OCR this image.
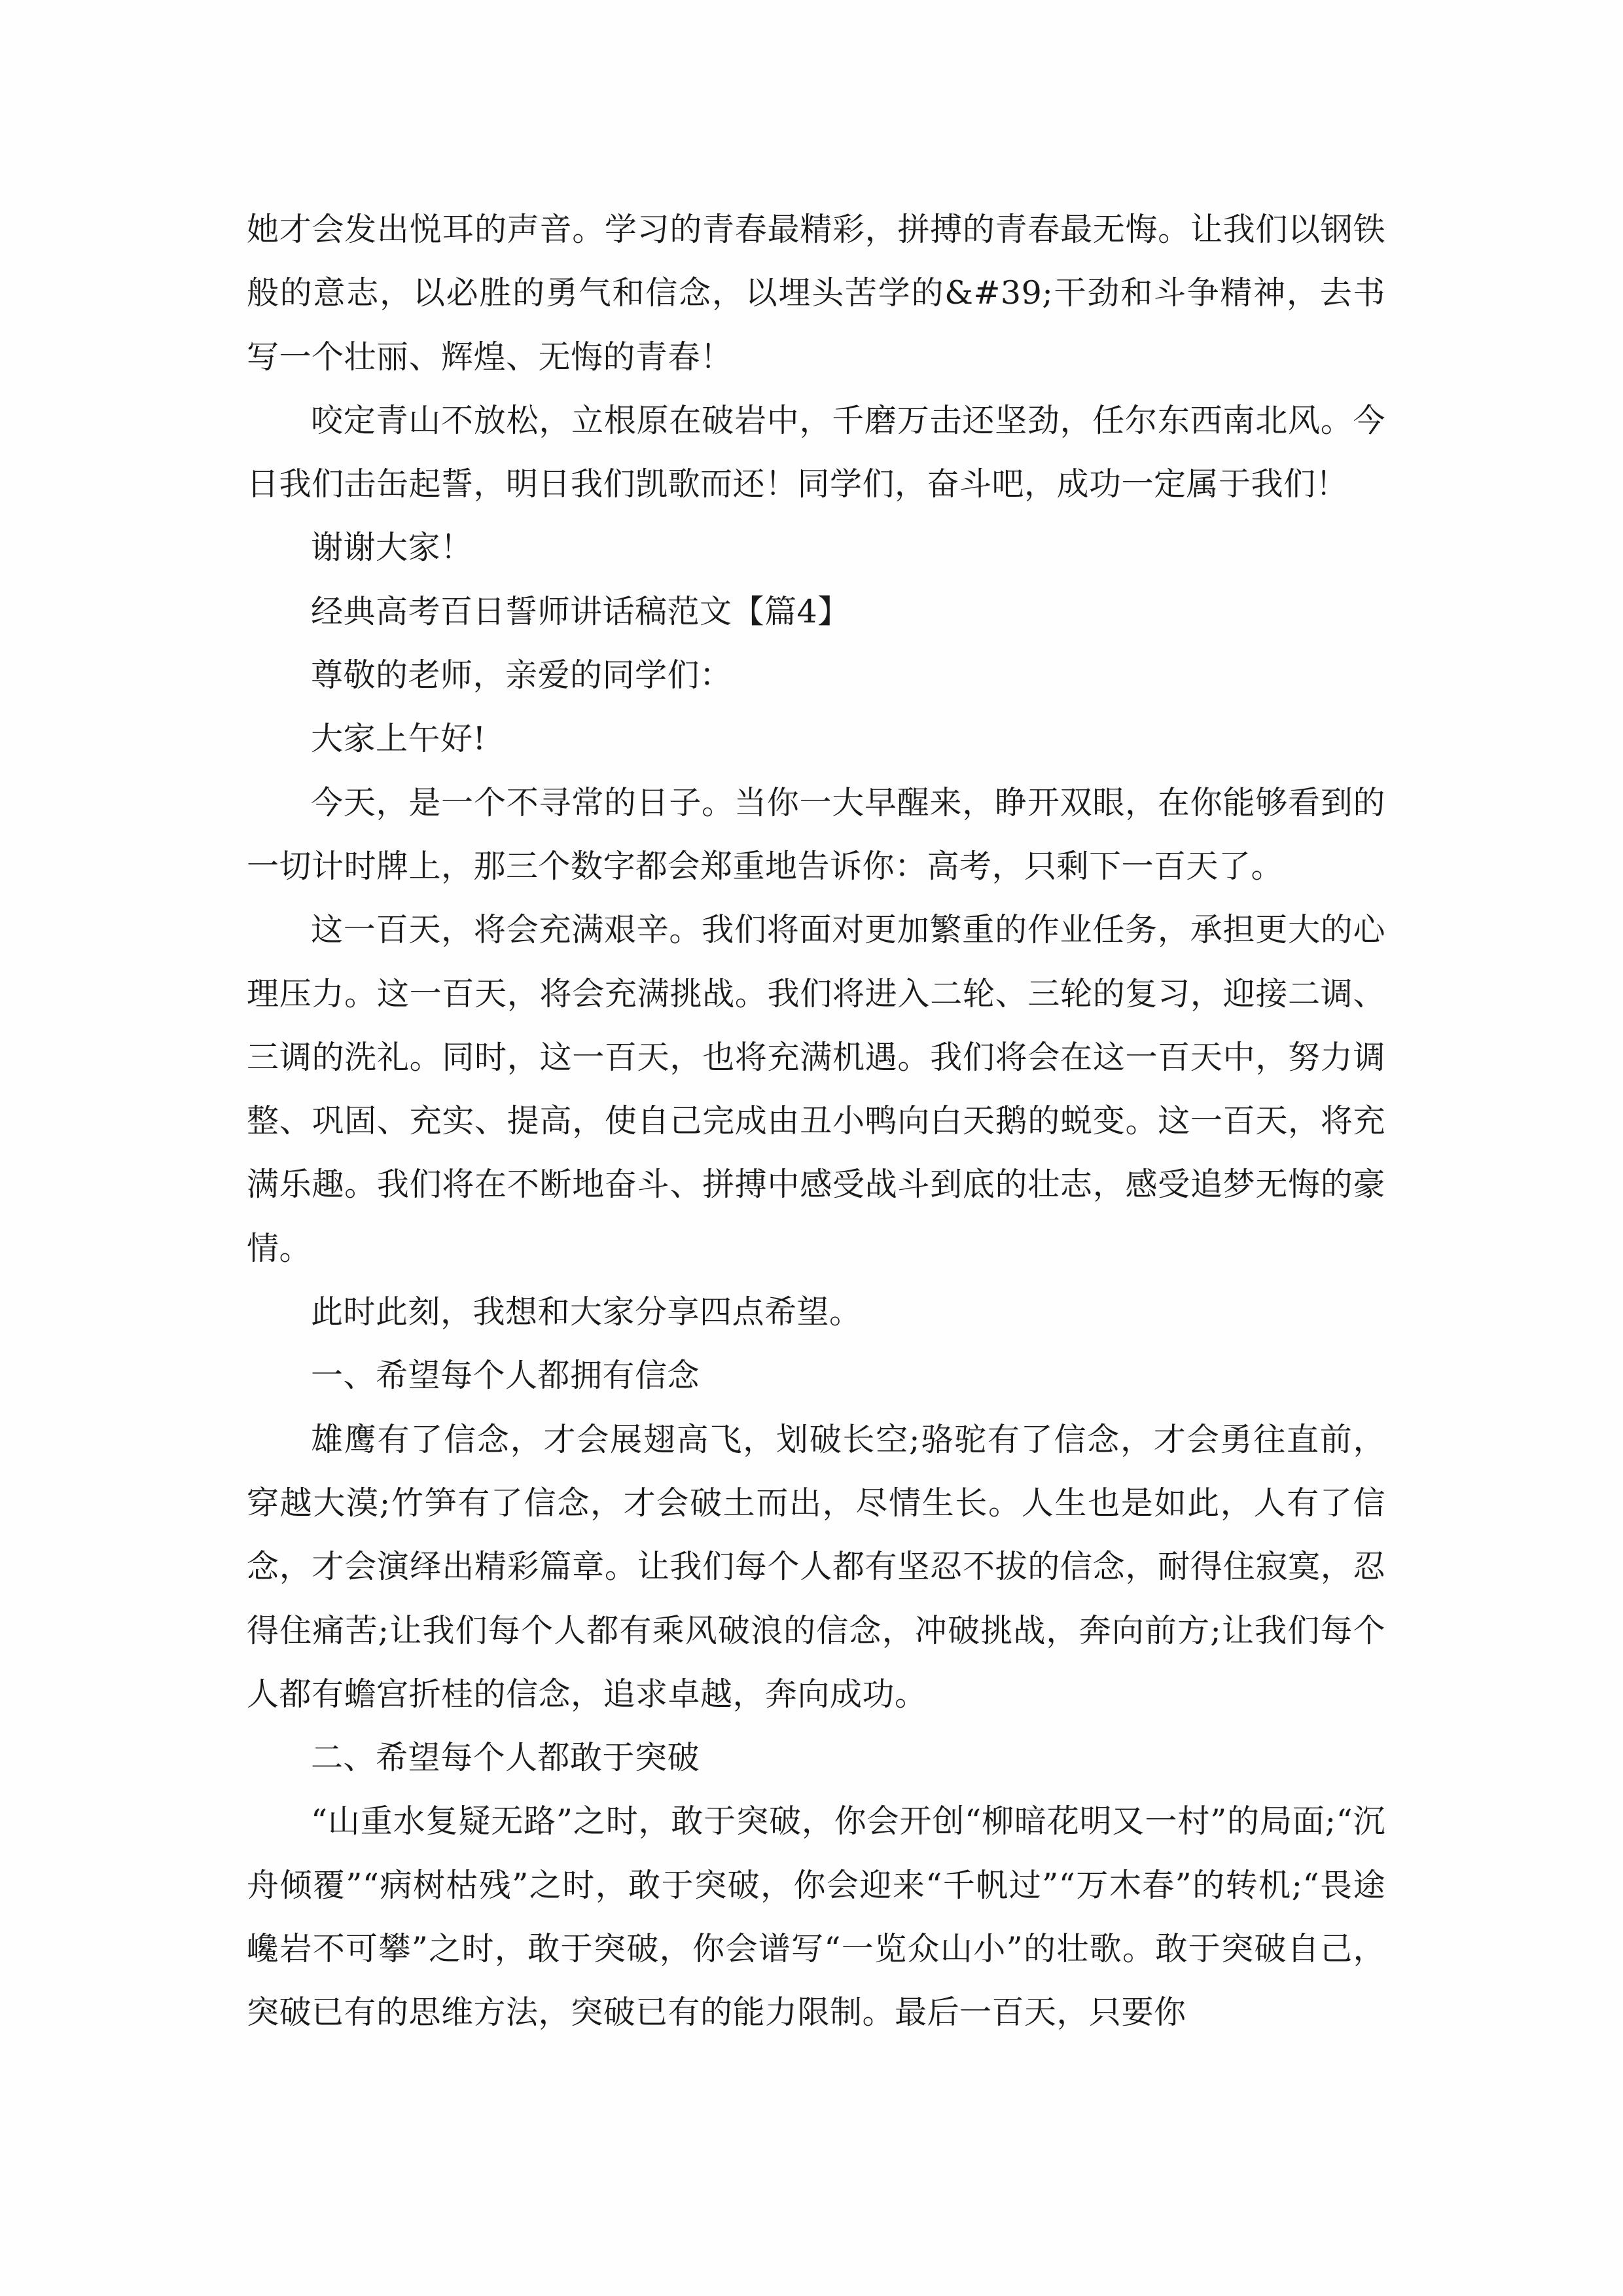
她才会发出悦耳的声音。学习的青春最精彩，拼搏的青春最无悔。让我们以钢铁般的意志，以必胜的勇气和信念，以埋头苦学的&#39;干劲和斗争精神，去书写一个壮丽、辉煌、无悔的青春！

咬定青山不放松，立根原在破岩中，千磨万击还坚劲，任尔东西南北风。今日我们击缶起誓，明日我们凯歌而还！同学们，奋斗吧，成功一定属于我们！

谢谢大家！

经典高考百日誓师讲话稿范文【篇4】

尊敬的老师，亲爱的同学们：

大家上午好!

今天，是一个不寻常的日子。当你一大早醒来，睁开双眼，在你能够看到的一切计时牌上，那三个数字都会郑重地告诉你：高考，只剩下一百天了。

这一百天，将会充满艰辛。我们将面对更加繁重的作业任务，承担更大的心理压力。这一百天，将会充满挑战。我们将进入二轮、三轮的复习，迎接二调、三调的洗礼。同时，这一百天，也将充满机遇。我们将会在这一百天中，努力调整、巩固、充实、提高，使自己完成由丑小鸭向白天鹅的蜕变。这一百天，将充满乐趣。我们将在不断地奋斗、拼搏中感受战斗到底的壮志，感受追梦无悔的豪情。

此时此刻，我想和大家分享四点希望。

一、希望每个人都拥有信念

雄鹰有了信念，才会展翅高飞，划破长空;骆驼有了信念，才会勇往直前，穿越大漠;竹笋有了信念，才会破土而出，尽情生长。人生也是如此，人有了信念，才会演绎出精彩篇章。让我们每个人都有坚忍不拔的信念，耐得住寂寞，忍得住痛苦;让我们每个人都有乘风破浪的信念，冲破挑战，奔向前方;让我们每个人都有蟾宫折桂的信念，追求卓越，奔向成功。

二、希望每个人都敢于突破

“山重水复疑无路”之时，敢于突破，你会开创“柳暗花明又一村”的局面;“沉舟倾覆”“病树枯残”之时，敢于突破，你会迎来“千帆过”“万木春”的转机;“畏途巉岩不可攀”之时，敢于突破，你会谱写“一览众山小”的壮歌。敢于突破自己，突破已有的思维方法，突破已有的能力限制。最后一百天，只要你
